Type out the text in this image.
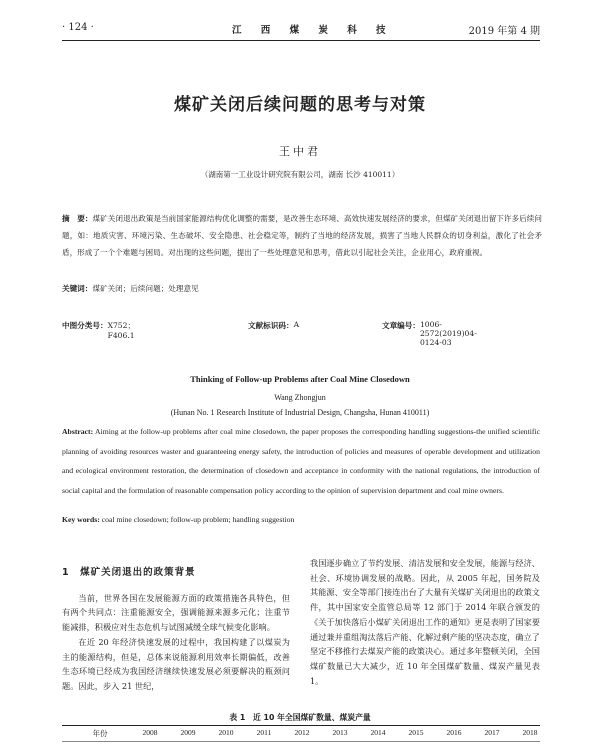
· 124 ·	江 西 煤 炭 科 技	2019 年第 4 期
煤矿关闭后续问题的思考与对策
王中君
（湖南第一工业设计研究院有限公司，湖南 长沙 410011）
摘　要：煤矿关闭退出政策是当前国家能源结构优化调整的需要，是改善生态环境、高效快速发展经济的要求，但煤矿关闭退出留下许多后续问题，如：地质灾害、环境污染、生态破坏、安全隐患、社会稳定等，制约了当地的经济发展，损害了当地人民群众的切身利益，激化了社会矛盾，形成了一个个难题与困局。对出现的这些问题，提出了一些处理意见和思考，借此以引起社会关注，企业用心，政府重视。
关键词：煤矿关闭；后续问题；处理意见
中图分类号： X752；F406.1
文献标识码： A	文章编号： 1006-2572(2019)04-0124-03
Thinking of Follow-up Problems after Coal Mine Closedown
Wang Zhongjun
(Hunan No. 1 Research Institute of Industrial Design, Changsha, Hunan 410011)
Abstract: Aiming at the follow-up problems after coal mine closedown, the paper proposes the corresponding handling suggestions-the unified scientific planning of avoiding resources waster and guaranteeing energy safety, the introduction of policies and measures of operable development and utilization and ecological environment restoration, the determination of closedown and acceptance in conformity with the national regulations, the introduction of social capital and the formulation of reasonable compensation policy according to the opinion of supervision department and coal mine owners.
Key words: coal mine closedown; follow-up problem; handling suggestion
1　煤矿关闭退出的政策背景

当前，世界各国在发展能源方面的政策措施各具特色，但有两个共同点：注重能源安全，强调能源来源多元化；注重节能减排，积极应对生态危机与试图减缓全球气候变化影响。

在近 20 年经济快速发展的过程中，我国构建了以煤炭为主的能源结构，但是，总体来说能源利用效率长期偏低，改善生态环境已经成为我国经济继续快速发展必须要解决的瓶颈问题。因此，步入 21 世纪，

我国逐步确立了节约发展、清洁发展和安全发展，能源与经济、社会、环境协调发展的战略。因此，从 2005 年起，国务院及其能源、安全等部门接连出台了大量有关煤矿关闭退出的政策文件，其中国家安全监管总局等 12 部门于 2014 年联合颁发的《关于加快落后小煤矿关闭退出工作的通知》更是表明了国家要通过兼并重组淘汰落后产能、化解过剩产能的坚决态度，确立了坚定不移推行去煤炭产能的政策决心。通过多年整顿关闭，全国煤矿数量已大大减少，近 10 年全国煤矿数量、煤炭产量见表 1。

表 1　近 10 年全国煤矿数量、煤炭产量
年份	2008	2009	2010	2011	2012	2013	2014	2015	2016	2017	2018
